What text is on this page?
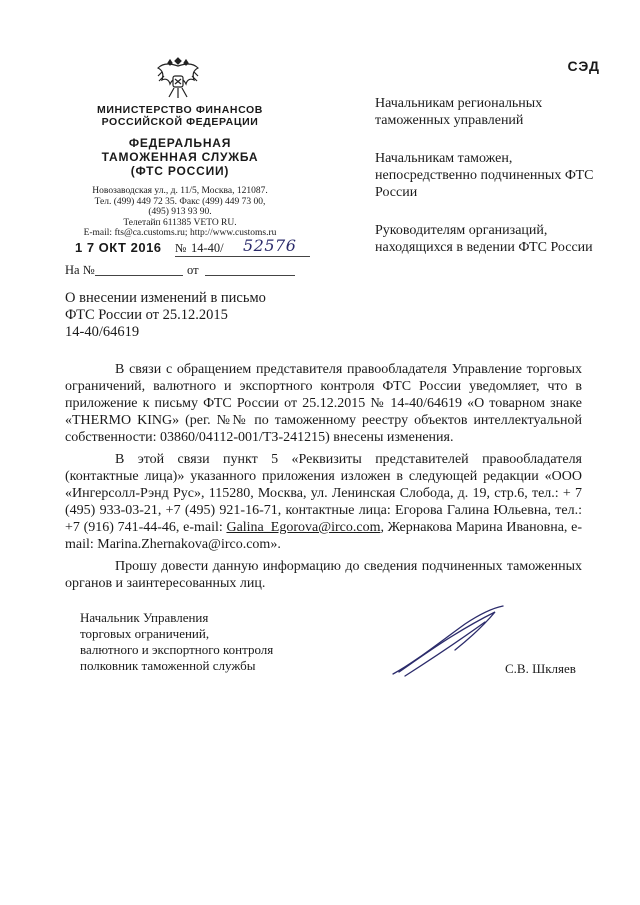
СЭД
МИНИСТЕРСТВО ФИНАНСОВ
РОССИЙСКОЙ ФЕДЕРАЦИИ
ФЕДЕРАЛЬНАЯ
ТАМОЖЕННАЯ СЛУЖБА
(ФТС РОССИИ)
Новозаводская ул., д. 11/5, Москва, 121087.
Тел. (499) 449 72 35. Факс (499) 449 73 00,
(495) 913 93 90.
Телетайп 611385 VETO RU.
E-mail: fts@ca.customs.ru; http://www.customs.ru
1 7 ОКТ 2016 № 14-40/ 52576
На №	от
Начальникам региональных таможенных управлений
Начальникам таможен, непосредственно подчиненных ФТС России
Руководителям организаций, находящихся в ведении ФТС России
О внесении изменений в письмо
ФТС России от 25.12.2015
14-40/64619

В связи с обращением представителя правообладателя Управление торговых ограничений, валютного и экспортного контроля ФТС России уведомляет, что в приложение к письму ФТС России от 25.12.2015 № 14-40/64619 «О товарном знаке «THERMO KING» (рег. №№ по таможенному реестру объектов интеллектуальной собственности: 03860/04112-001/ТЗ-241215) внесены изменения.

В этой связи пункт 5 «Реквизиты представителей правообладателя (контактные лица)» указанного приложения изложен в следующей редакции «ООО «Ингерсолл-Рэнд Рус», 115280, Москва, ул. Ленинская Слобода, д. 19, стр.6, тел.: + 7 (495) 933-03-21, +7 (495) 921-16-71, контактные лица: Егорова Галина Юльевна, тел.: +7 (916) 741-44-46, e-mail: Galina_Egorova@irco.com, Жернакова Марина Ивановна, e-mail: Marina.Zhernakova@irco.com».

Прошу довести данную информацию до сведения подчиненных таможенных органов и заинтересованных лиц.

Начальник Управления
торговых ограничений,
валютного и экспортного контроля
полковник таможенной службы	С.В. Шкляев
